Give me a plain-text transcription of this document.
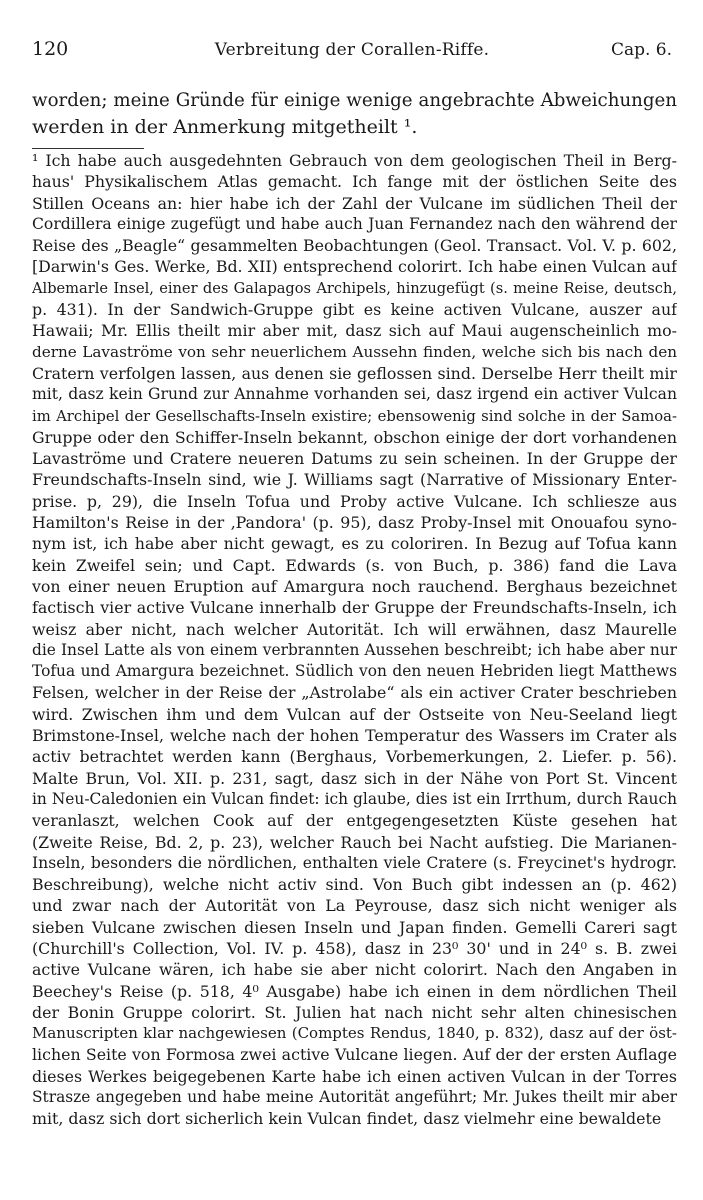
120	Verbreitung der Corallen-Riffe.	Cap. 6.
worden; meine Gründe für einige wenige angebrachte Abweichungen
werden in der Anmerkung mitgetheilt ¹.
¹ Ich habe auch ausgedehnten Gebrauch von dem geologischen Theil in Berg-
haus' Physikalischem Atlas gemacht. Ich fange mit der östlichen Seite des
Stillen Oceans an: hier habe ich der Zahl der Vulcane im südlichen Theil der
Cordillera einige zugefügt und habe auch Juan Fernandez nach den während der
Reise des „Beagle“ gesammelten Beobachtungen (Geol. Transact. Vol. V. p. 602,
[Darwin's Ges. Werke, Bd. XII) entsprechend colorirt. Ich habe einen Vulcan auf
Albemarle Insel, einer des Galapagos Archipels, hinzugefügt (s. meine Reise, deutsch,
p. 431). In der Sandwich-Gruppe gibt es keine activen Vulcane, auszer auf
Hawaii; Mr. Ellis theilt mir aber mit, dasz sich auf Maui augenscheinlich mo-
derne Lavaströme von sehr neuerlichem Aussehn finden, welche sich bis nach den
Cratern verfolgen lassen, aus denen sie geflossen sind. Derselbe Herr theilt mir
mit, dasz kein Grund zur Annahme vorhanden sei, dasz irgend ein activer Vulcan
im Archipel der Gesellschafts-Inseln existire; ebensowenig sind solche in der Samoa-
Gruppe oder den Schiffer-Inseln bekannt, obschon einige der dort vorhandenen
Lavaströme und Cratere neueren Datums zu sein scheinen. In der Gruppe der
Freundschafts-Inseln sind, wie J. Williams sagt (Narrative of Missionary Enter-
prise. p, 29), die Inseln Tofua und Proby active Vulcane. Ich schliesze aus
Hamilton's Reise in der ‚Pandora' (p. 95), dasz Proby-Insel mit Onouafou syno-
nym ist, ich habe aber nicht gewagt, es zu coloriren. In Bezug auf Tofua kann
kein Zweifel sein; und Capt. Edwards (s. von Buch, p. 386) fand die Lava
von einer neuen Eruption auf Amargura noch rauchend. Berghaus bezeichnet
factisch vier active Vulcane innerhalb der Gruppe der Freundschafts-Inseln, ich
weisz aber nicht, nach welcher Autorität. Ich will erwähnen, dasz Maurelle
die Insel Latte als von einem verbrannten Aussehen beschreibt; ich habe aber nur
Tofua und Amargura bezeichnet. Südlich von den neuen Hebriden liegt Matthews
Felsen, welcher in der Reise der „Astrolabe“ als ein activer Crater beschrieben
wird. Zwischen ihm und dem Vulcan auf der Ostseite von Neu-Seeland liegt
Brimstone-Insel, welche nach der hohen Temperatur des Wassers im Crater als
activ betrachtet werden kann (Berghaus, Vorbemerkungen, 2. Liefer. p. 56).
Malte Brun, Vol. XII. p. 231, sagt, dasz sich in der Nähe von Port St. Vincent
in Neu-Caledonien ein Vulcan findet: ich glaube, dies ist ein Irrthum, durch Rauch
veranlaszt, welchen Cook auf der entgegengesetzten Küste gesehen hat
(Zweite Reise, Bd. 2, p. 23), welcher Rauch bei Nacht aufstieg. Die Marianen-
Inseln, besonders die nördlichen, enthalten viele Cratere (s. Freycinet's hydrogr.
Beschreibung), welche nicht activ sind. Von Buch gibt indessen an (p. 462)
und zwar nach der Autorität von La Peyrouse, dasz sich nicht weniger als
sieben Vulcane zwischen diesen Inseln und Japan finden. Gemelli Careri sagt
(Churchill's Collection, Vol. IV. p. 458), dasz in 23⁰ 30' und in 24⁰ s. B. zwei
active Vulcane wären, ich habe sie aber nicht colorirt. Nach den Angaben in
Beechey's Reise (p. 518, 4⁰ Ausgabe) habe ich einen in dem nördlichen Theil
der Bonin Gruppe colorirt. St. Julien hat nach nicht sehr alten chinesischen
Manuscripten klar nachgewiesen (Comptes Rendus, 1840, p. 832), dasz auf der öst-
lichen Seite von Formosa zwei active Vulcane liegen. Auf der der ersten Auflage
dieses Werkes beigegebenen Karte habe ich einen activen Vulcan in der Torres
Strasze angegeben und habe meine Autorität angeführt; Mr. Jukes theilt mir aber
mit, dasz sich dort sicherlich kein Vulcan findet, dasz vielmehr eine bewaldete
